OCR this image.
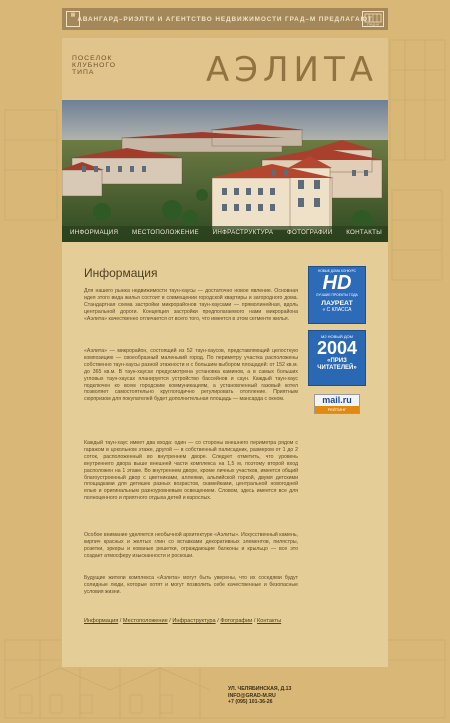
▦
АВАНГАРД–РИЭЛТИ И АГЕНТСТВО НЕДВИЖИМОСТИ ГРАД–М ПРЕДЛАГАЮТ
ГРАД-М
ПОСЕЛОК
КЛУБНОГО
ТИПА	АЭЛИТА
ИНФОРМАЦИЯ МЕСТОПОЛОЖЕНИЕ ИНФРАСТРУКТУРА ФОТОГРАФИИ КОНТАКТЫ
Информация
Для нашего рынка недвижимости таун-хаусы — достаточно новое явление. Основная идея этого вида жилья состоит в совмещении городской квартиры и загородного дома. Стандартная схема застройки микрорайонов таун-хаусами — прямолинейная, вдоль центральной дороги. Концепция застройки предполагаемого нами микрорайона «Аэлита» качественно отличается от всего того, что имеется в этом сегменте жилья.
«Аэлита» — микрорайон, состоящий из 52 таун-хаусов, представляющий целостную композицию — своеобразный маленький город. По периметру участка расположены собственно таун-хаусы разной этажности и с большим выбором площадей: от 152 кв.м. до 365 кв.м. В таун-хаусах предусмотрена установка каминов, а в самых больших угловых таун-хаусах планируется устройство бассейнов и саун. Каждый таун-хаус подключен ко всем городским коммуникациям, а установленный газовый котел позволяет самостоятельно круглогодично регулировать отопление. Приятным сюрпризом для покупателей будет дополнительная площадь — мансарда с окном.
Каждый таун-хаус имеет два входа: один — со стороны внешнего периметра рядом с гаражом в цокольном этаже, другой — в собственный палисадник, размером от 1 до 2 соток, расположенный во внутреннем дворе. Следует отметить, что уровень внутреннего двора выше внешней части комплекса на 1,5 м, поэтому второй вход расположен на 1 этаже. Во внутреннем дворе, кроме личных участков, имеется общий благоустроенный двор с цветниками, аллеями, альпийской горкой, двумя детскими площадками для детишек разных возрастов, скамейками, центральной новогодней елью и оригинальным разноуровневым освещением. Словом, здесь имеется все для полноценного и приятного отдыха детей и взрослых.
Особое внимание уделяется необычной архитектуре «Аэлиты». Искусственный камень, кирпич красных и желтых глин со вставками декоративных элементов, пилястры, розетки, эркеры и кованые решетки, ограждающие балконы и крыльцо — все это создает атмосферу изысканности и роскоши.
Будущие жители комплекса «Аэлита» могут быть уверены, что их соседями будут солидные люди, которые хотят и могут позволить себе качественные и безопасные условия жизни.
Информация / Местоположение / Инфраструктура / Фотографии / Контакты
НОВЫЕ ДОМА КОНКУРС
HD
ЛУЧШИЕ ПРОЕКТЫ ГОДА
ЛАУРЕАТ
« С КЛАССА
М2 НОВЫЙ ДОМ
2004
«ПРИЗ
ЧИТАТЕЛЕЙ»
mail.ru
РЕЙТИНГ
УЛ. ЧЕЛЯБИНСКАЯ, Д.13
INFO@GRAD-M.RU
+7 (095) 101-36-26
